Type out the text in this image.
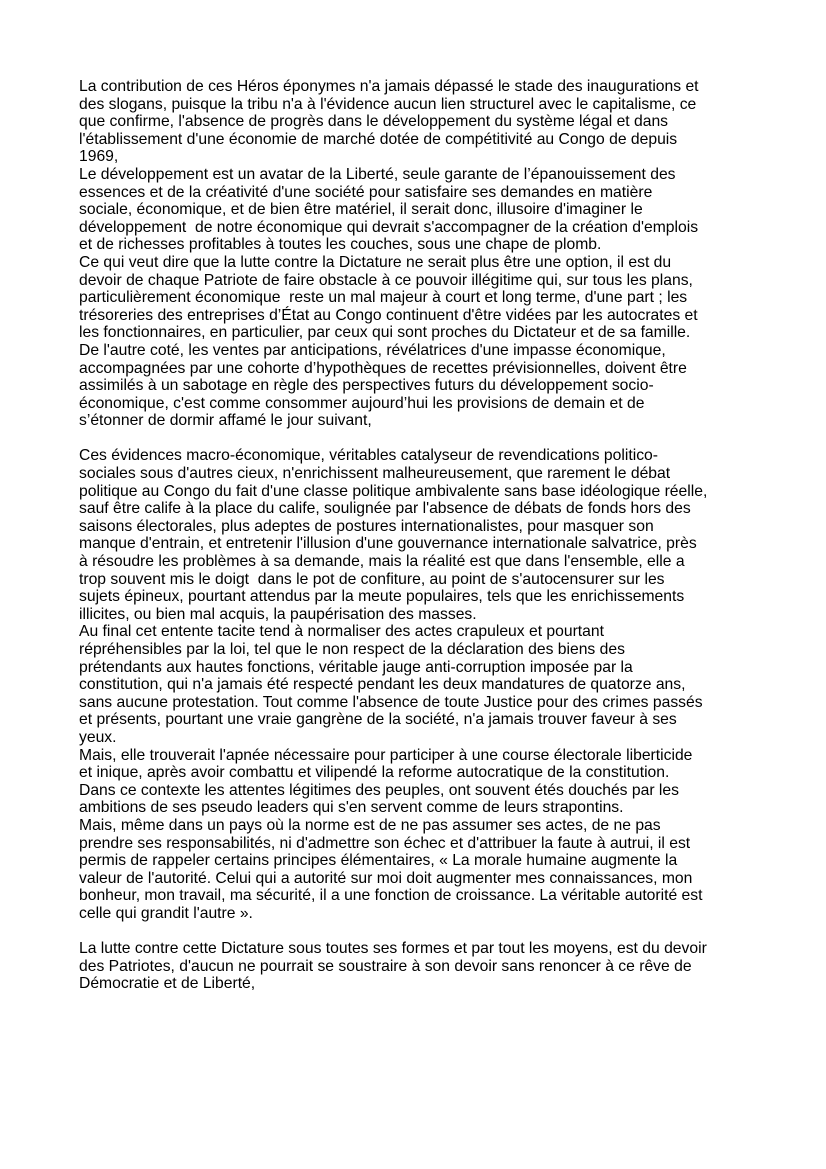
La contribution de ces Héros éponymes n'a jamais dépassé le stade des inaugurations et
des slogans, puisque la tribu n'a à l'évidence aucun lien structurel avec le capitalisme, ce
que confirme, l'absence de progrès dans le développement du système légal et dans
l'établissement d'une économie de marché dotée de compétitivité au Congo de depuis
1969,
Le développement est un avatar de la Liberté, seule garante de l’épanouissement des
essences et de la créativité d'une société pour satisfaire ses demandes en matière
sociale, économique, et de bien être matériel, il serait donc, illusoire d'imaginer le
développement  de notre économique qui devrait s'accompagner de la création d'emplois
et de richesses profitables à toutes les couches, sous une chape de plomb.
Ce qui veut dire que la lutte contre la Dictature ne serait plus être une option, il est du
devoir de chaque Patriote de faire obstacle à ce pouvoir illégitime qui, sur tous les plans,
particulièrement économique  reste un mal majeur à court et long terme, d'une part ; les
trésoreries des entreprises d’État au Congo continuent d'être vidées par les autocrates et
les fonctionnaires, en particulier, par ceux qui sont proches du Dictateur et de sa famille.
De l'autre coté, les ventes par anticipations, révélatrices d'une impasse économique,
accompagnées par une cohorte d’hypothèques de recettes prévisionnelles, doivent être
assimilés à un sabotage en règle des perspectives futurs du développement socio-
économique, c'est comme consommer aujourd’hui les provisions de demain et de
s’étonner de dormir affamé le jour suivant,
Ces évidences macro-économique, véritables catalyseur de revendications politico-
sociales sous d'autres cieux, n'enrichissent malheureusement, que rarement le débat
politique au Congo du fait d'une classe politique ambivalente sans base idéologique réelle,
sauf être calife à la place du calife, soulignée par l'absence de débats de fonds hors des
saisons électorales, plus adeptes de postures internationalistes, pour masquer son
manque d'entrain, et entretenir l'illusion d'une gouvernance internationale salvatrice, près
à résoudre les problèmes à sa demande, mais la réalité est que dans l'ensemble, elle a
trop souvent mis le doigt  dans le pot de confiture, au point de s'autocensurer sur les
sujets épineux, pourtant attendus par la meute populaires, tels que les enrichissements
illicites, ou bien mal acquis, la paupérisation des masses.
Au final cet entente tacite tend à normaliser des actes crapuleux et pourtant
répréhensibles par la loi, tel que le non respect de la déclaration des biens des
prétendants aux hautes fonctions, véritable jauge anti-corruption imposée par la
constitution, qui n'a jamais été respecté pendant les deux mandatures de quatorze ans,
sans aucune protestation. Tout comme l'absence de toute Justice pour des crimes passés
et présents, pourtant une vraie gangrène de la société, n'a jamais trouver faveur à ses
yeux.
Mais, elle trouverait l'apnée nécessaire pour participer à une course électorale liberticide
et inique, après avoir combattu et vilipendé la reforme autocratique de la constitution.
Dans ce contexte les attentes légitimes des peuples, ont souvent étés douchés par les
ambitions de ses pseudo leaders qui s'en servent comme de leurs strapontins.
Mais, même dans un pays où la norme est de ne pas assumer ses actes, de ne pas
prendre ses responsabilités, ni d'admettre son échec et d'attribuer la faute à autrui, il est
permis de rappeler certains principes élémentaires, « La morale humaine augmente la
valeur de l'autorité. Celui qui a autorité sur moi doit augmenter mes connaissances, mon
bonheur, mon travail, ma sécurité, il a une fonction de croissance. La véritable autorité est
celle qui grandit l'autre ».
La lutte contre cette Dictature sous toutes ses formes et par tout les moyens, est du devoir
des Patriotes, d'aucun ne pourrait se soustraire à son devoir sans renoncer à ce rêve de
Démocratie et de Liberté,
